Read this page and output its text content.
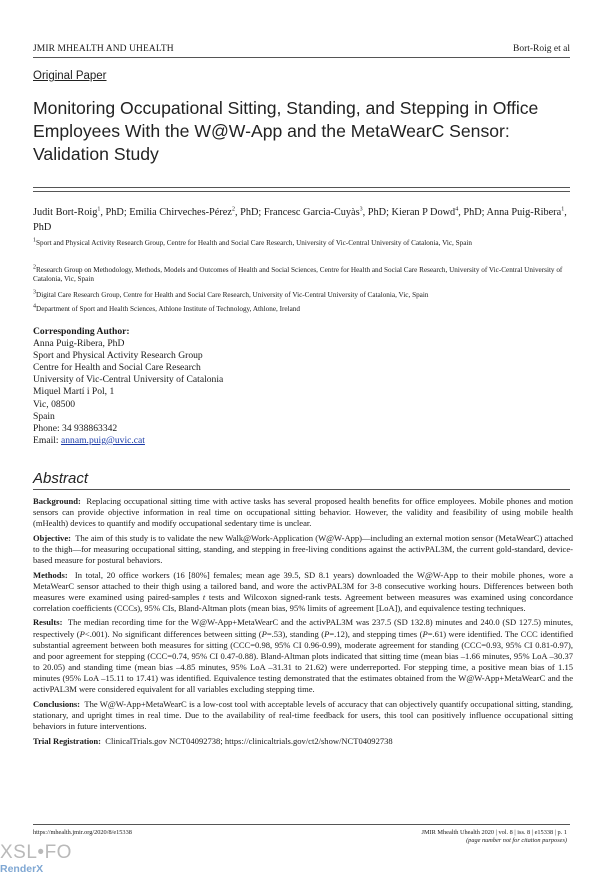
JMIR MHEALTH AND UHEALTH	Bort-Roig et al
Original Paper
Monitoring Occupational Sitting, Standing, and Stepping in Office Employees With the W@W-App and the MetaWearC Sensor: Validation Study
Judit Bort-Roig$^1$, PhD; Emilia Chirveches-Pérez$^2$, PhD; Francesc Garcia-Cuyàs$^3$, PhD; Kieran P Dowd$^4$, PhD; Anna Puig-Ribera$^1$, PhD
$^1$Sport and Physical Activity Research Group, Centre for Health and Social Care Research, University of Vic-Central University of Catalonia, Vic, Spain
$^2$Research Group on Methodology, Methods, Models and Outcomes of Health and Social Sciences, Centre for Health and Social Care Research, University of Vic-Central University of Catalonia, Vic, Spain
$^3$Digital Care Research Group, Centre for Health and Social Care Research, University of Vic-Central University of Catalonia, Vic, Spain
$^4$Department of Sport and Health Sciences, Athlone Institute of Technology, Athlone, Ireland
Corresponding Author:
Anna Puig-Ribera, PhD
Sport and Physical Activity Research Group
Centre for Health and Social Care Research
University of Vic-Central University of Catalonia
Miquel Martí i Pol, 1
Vic, 08500
Spain
Phone: 34 938863342
Email: annam.puig@uvic.cat
Abstract

Background: Replacing occupational sitting time with active tasks has several proposed health benefits for office employees. Mobile phones and motion sensors can provide objective information in real time on occupational sitting behavior. However, the validity and feasibility of using mobile health (mHealth) devices to quantify and modify occupational sedentary time is unclear.

Objective: The aim of this study is to validate the new Walk@Work-Application (W@W-App)—including an external motion sensor (MetaWearC) attached to the thigh—for measuring occupational sitting, standing, and stepping in free-living conditions against the activPAL3M, the current gold-standard, device-based measure for postural behaviors.

Methods: In total, 20 office workers (16 [80%] females; mean age 39.5, SD 8.1 years) downloaded the W@W-App to their mobile phones, wore a MetaWearC sensor attached to their thigh using a tailored band, and wore the activPAL3M for 3-8 consecutive working hours. Differences between both measures were examined using paired-samples t tests and Wilcoxon signed-rank tests. Agreement between measures was examined using concordance correlation coefficients (CCCs), 95% CIs, Bland-Altman plots (mean bias, 95% limits of agreement [LoA]), and equivalence testing techniques.

Results: The median recording time for the W@W-App+MetaWearC and the activPAL3M was 237.5 (SD 132.8) minutes and 240.0 (SD 127.5) minutes, respectively (P<.001). No significant differences between sitting (P=.53), standing (P=.12), and stepping times (P=.61) were identified. The CCC identified substantial agreement between both measures for sitting (CCC=0.98, 95% CI 0.96-0.99), moderate agreement for standing (CCC=0.93, 95% CI 0.81-0.97), and poor agreement for stepping (CCC=0.74, 95% CI 0.47-0.88). Bland-Altman plots indicated that sitting time (mean bias –1.66 minutes, 95% LoA –30.37 to 20.05) and standing time (mean bias –4.85 minutes, 95% LoA –31.31 to 21.62) were underreported. For stepping time, a positive mean bias of 1.15 minutes (95% LoA –15.11 to 17.41) was identified. Equivalence testing demonstrated that the estimates obtained from the W@W-App+MetaWearC and the activPAL3M were considered equivalent for all variables excluding stepping time.

Conclusions: The W@W-App+MetaWearC is a low-cost tool with acceptable levels of accuracy that can objectively quantify occupational sitting, standing, stationary, and upright times in real time. Due to the availability of real-time feedback for users, this tool can positively influence occupational sitting behaviors in future interventions.

Trial Registration: ClinicalTrials.gov NCT04092738; https://clinicaltrials.gov/ct2/show/NCT04092738

https://mhealth.jmir.org/2020/8/e15338	JMIR Mhealth Uhealth 2020 | vol. 8 | iss. 8 | e15338 | p. 1
(page number not for citation purposes)
XSL•FO
RenderX
